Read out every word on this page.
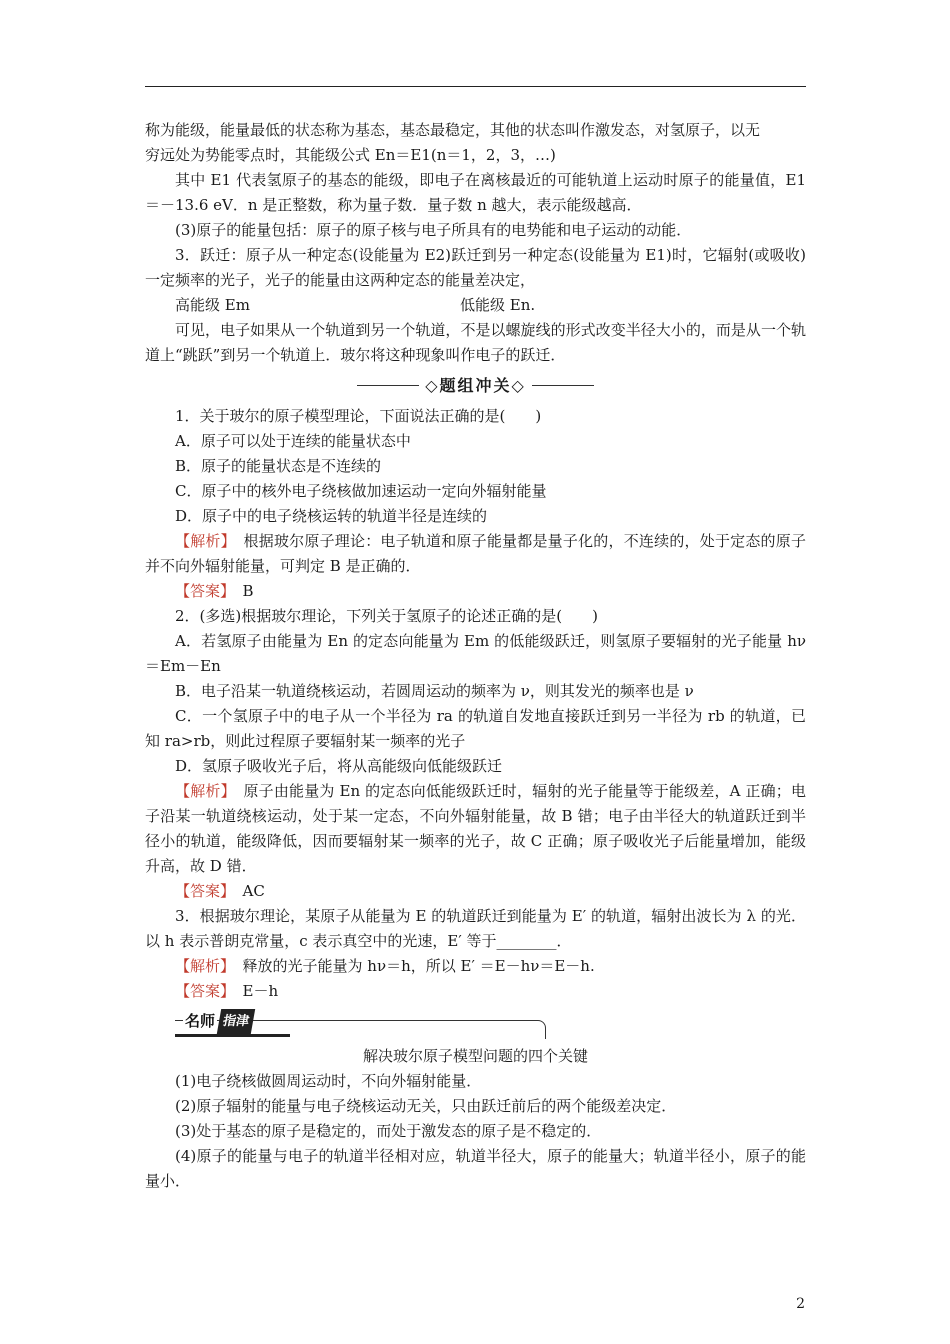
称为能级，能量最低的状态称为基态，基态最稳定，其他的状态叫作激发态，对氢原子，以无

穷远处为势能零点时，其能级公式 En＝E1(n＝1，2，3，…)

其中 E1 代表氢原子的基态的能级，即电子在离核最近的可能轨道上运动时原子的能量值，E1＝－13.6 eV．n 是正整数，称为量子数．量子数 n 越大，表示能级越高．

(3)原子的能量包括：原子的原子核与电子所具有的电势能和电子运动的动能．

3．跃迁：原子从一种定态(设能量为 E2)跃迁到另一种定态(设能量为 E1)时，它辐射(或吸收)一定频率的光子，光子的能量由这两种定态的能量差决定，

高能级 Em	低能级 En.

可见，电子如果从一个轨道到另一个轨道，不是以螺旋线的形式改变半径大小的，而是从一个轨道上“跳跃”到另一个轨道上．玻尔将这种现象叫作电子的跃迁．

◇题组冲关◇

1．关于玻尔的原子模型理论，下面说法正确的是(　　)

A．原子可以处于连续的能量状态中

B．原子的能量状态是不连续的

C．原子中的核外电子绕核做加速运动一定向外辐射能量

D．原子中的电子绕核运转的轨道半径是连续的

【解析】　 根据玻尔原子理论：电子轨道和原子能量都是量子化的，不连续的，处于定态的原子并不向外辐射能量，可判定 B 是正确的．

【答案】　 B

2．(多选)根据玻尔理论，下列关于氢原子的论述正确的是(　　)

A．若氢原子由能量为 En 的定态向能量为 Em 的低能级跃迁，则氢原子要辐射的光子能量 hν＝Em－En

B．电子沿某一轨道绕核运动，若圆周运动的频率为 ν，则其发光的频率也是 ν

C．一个氢原子中的电子从一个半径为 ra 的轨道自发地直接跃迁到另一半径为 rb 的轨道，已知 ra>rb，则此过程原子要辐射某一频率的光子

D．氢原子吸收光子后，将从高能级向低能级跃迁

【解析】　 原子由能量为 En 的定态向低能级跃迁时，辐射的光子能量等于能级差，A 正确；电子沿某一轨道绕核运动，处于某一定态，不向外辐射能量，故 B 错；电子由半径大的轨道跃迁到半径小的轨道，能级降低，因而要辐射某一频率的光子，故 C 正确；原子吸收光子后能量增加，能级升高，故 D 错．

【答案】　 AC

3．根据玻尔理论，某原子从能量为 E 的轨道跃迁到能量为 E′ 的轨道，辐射出波长为 λ 的光．以 h 表示普朗克常量，c 表示真空中的光速，E′ 等于________．

【解析】　 释放的光子能量为 hν＝h，所以 E′ ＝E－hν＝E－h.

【答案】　 E－h

名师 指津

解决玻尔原子模型问题的四个关键

(1)电子绕核做圆周运动时，不向外辐射能量．

(2)原子辐射的能量与电子绕核运动无关，只由跃迁前后的两个能级差决定．

(3)处于基态的原子是稳定的，而处于激发态的原子是不稳定的．

(4)原子的能量与电子的轨道半径相对应，轨道半径大，原子的能量大；轨道半径小，原子的能量小．

2
